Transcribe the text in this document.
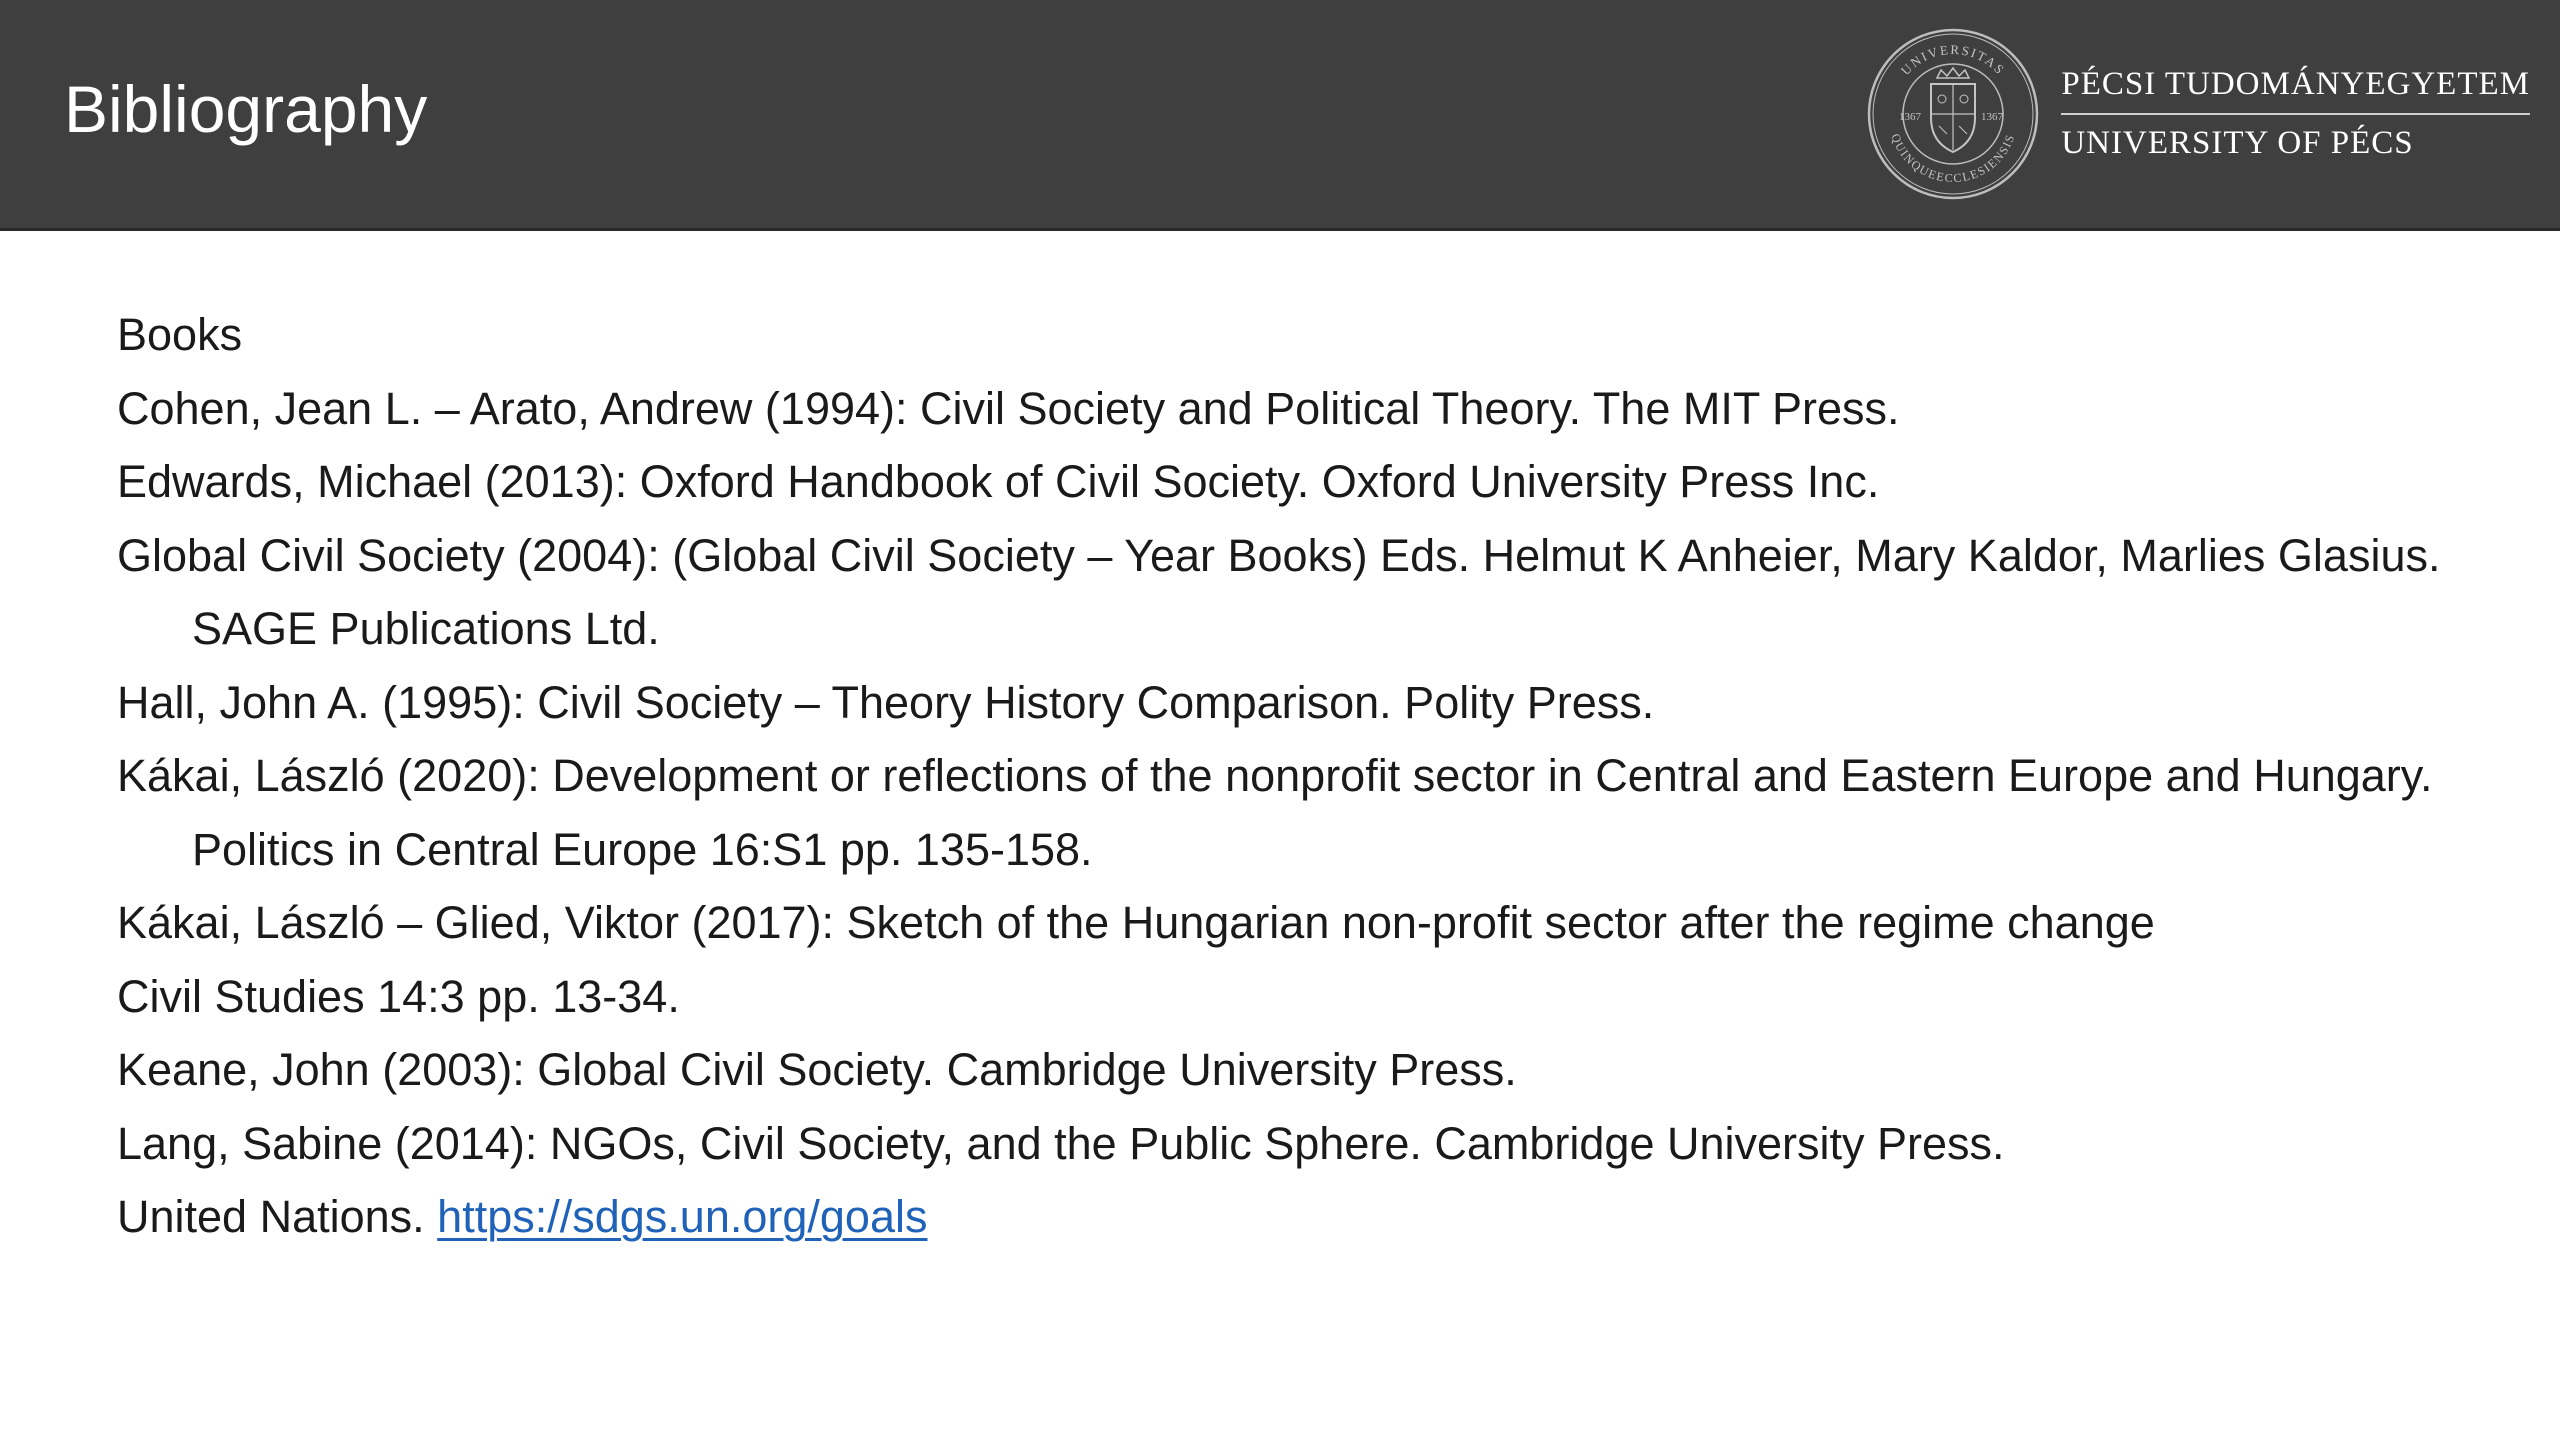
Bibliography
UNIVERSITAS
QUINQUEECCLESIENSIS
1367	1367
PÉCSI TUDOMÁNYEGYETEM
UNIVERSITY OF PÉCS

Books

Cohen, Jean L. – Arato, Andrew (1994): Civil Society and Political Theory. The MIT Press.

Edwards, Michael (2013): Oxford Handbook of Civil Society. Oxford University Press Inc.

Global Civil Society (2004): (Global Civil Society – Year Books) Eds. Helmut K Anheier, Mary Kaldor, Marlies Glasius. SAGE Publications Ltd.

Hall, John A. (1995): Civil Society – Theory History Comparison. Polity Press.

Kákai, László (2020): Development or reflections of the nonprofit sector in Central and Eastern Europe and Hungary. Politics in Central Europe 16:S1 pp. 135-158.

Kákai, László – Glied, Viktor (2017): Sketch of the Hungarian non-profit sector after the regime change

Civil Studies 14:3 pp. 13-34.

Keane, John (2003): Global Civil Society. Cambridge University Press.

Lang, Sabine (2014): NGOs, Civil Society, and the Public Sphere. Cambridge University Press.

United Nations. https://sdgs.un.org/goals
